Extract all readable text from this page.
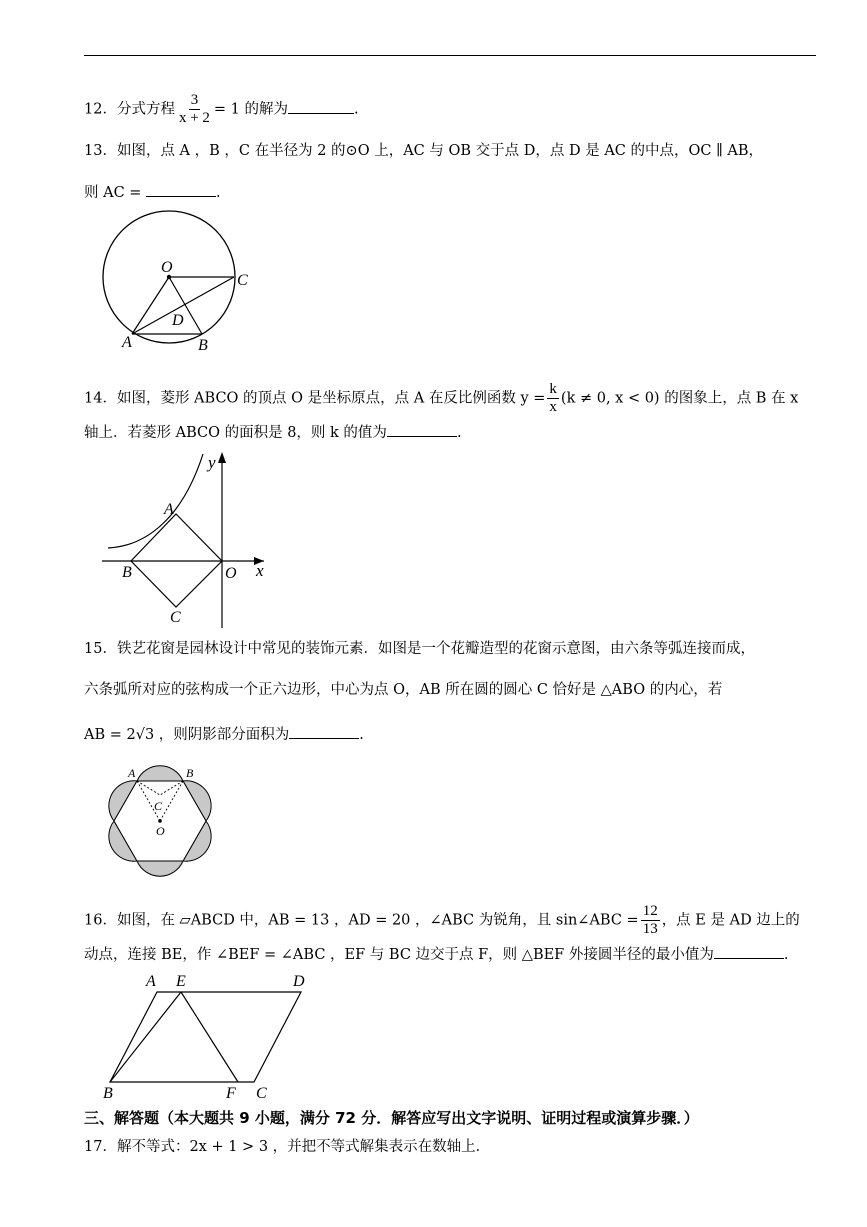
12．分式方程 $\frac{3}{x + 2} = 1$ 的解为	.
13．如图，点 A ，B ，C 在半径为 2 的⊙O 上，AC 与 OB 交于点 D，点 D 是 AC 的中点，OC ∥ AB，
则 AC =	.
O
C
D
A	B
14．如图，菱形 ABCO 的顶点 O 是坐标原点，点 A 在反比例函数 $y = \frac{k}{x} (k \ne 0$, x < 0) 的图象上，点 B 在 x
轴上．若菱形 ABCO 的面积是 8，则 k 的值为	.
y
x
A
B
C
O
15．铁艺花窗是园林设计中常见的装饰元素．如图是一个花瓣造型的花窗示意图，由六条等弧连接而成，
六条弧所对应的弦构成一个正六边形，中心为点 O，AB 所在圆的圆心 C 恰好是 △ABO 的内心，若
AB = 2√3 ，则阴影部分面积为	.
A	B
C
O
16．如图，在 ▱ABCD 中，AB = 13 ，AD = 20 ，∠ABC 为锐角，且 sin∠ABC = $\frac{12}{13}$ ，点 E 是 AD 边上的
动点，连接 BE，作 ∠BEF = ∠ABC ，EF 与 BC 边交于点 F，则 △BEF 外接圆半径的最小值为	.
A E	D
B	F C
三、解答题（本大题共 9 小题，满分 72 分．解答应写出文字说明、证明过程或演算步骤．）
17．解不等式：2x + 1 > 3 ，并把不等式解集表示在数轴上．
